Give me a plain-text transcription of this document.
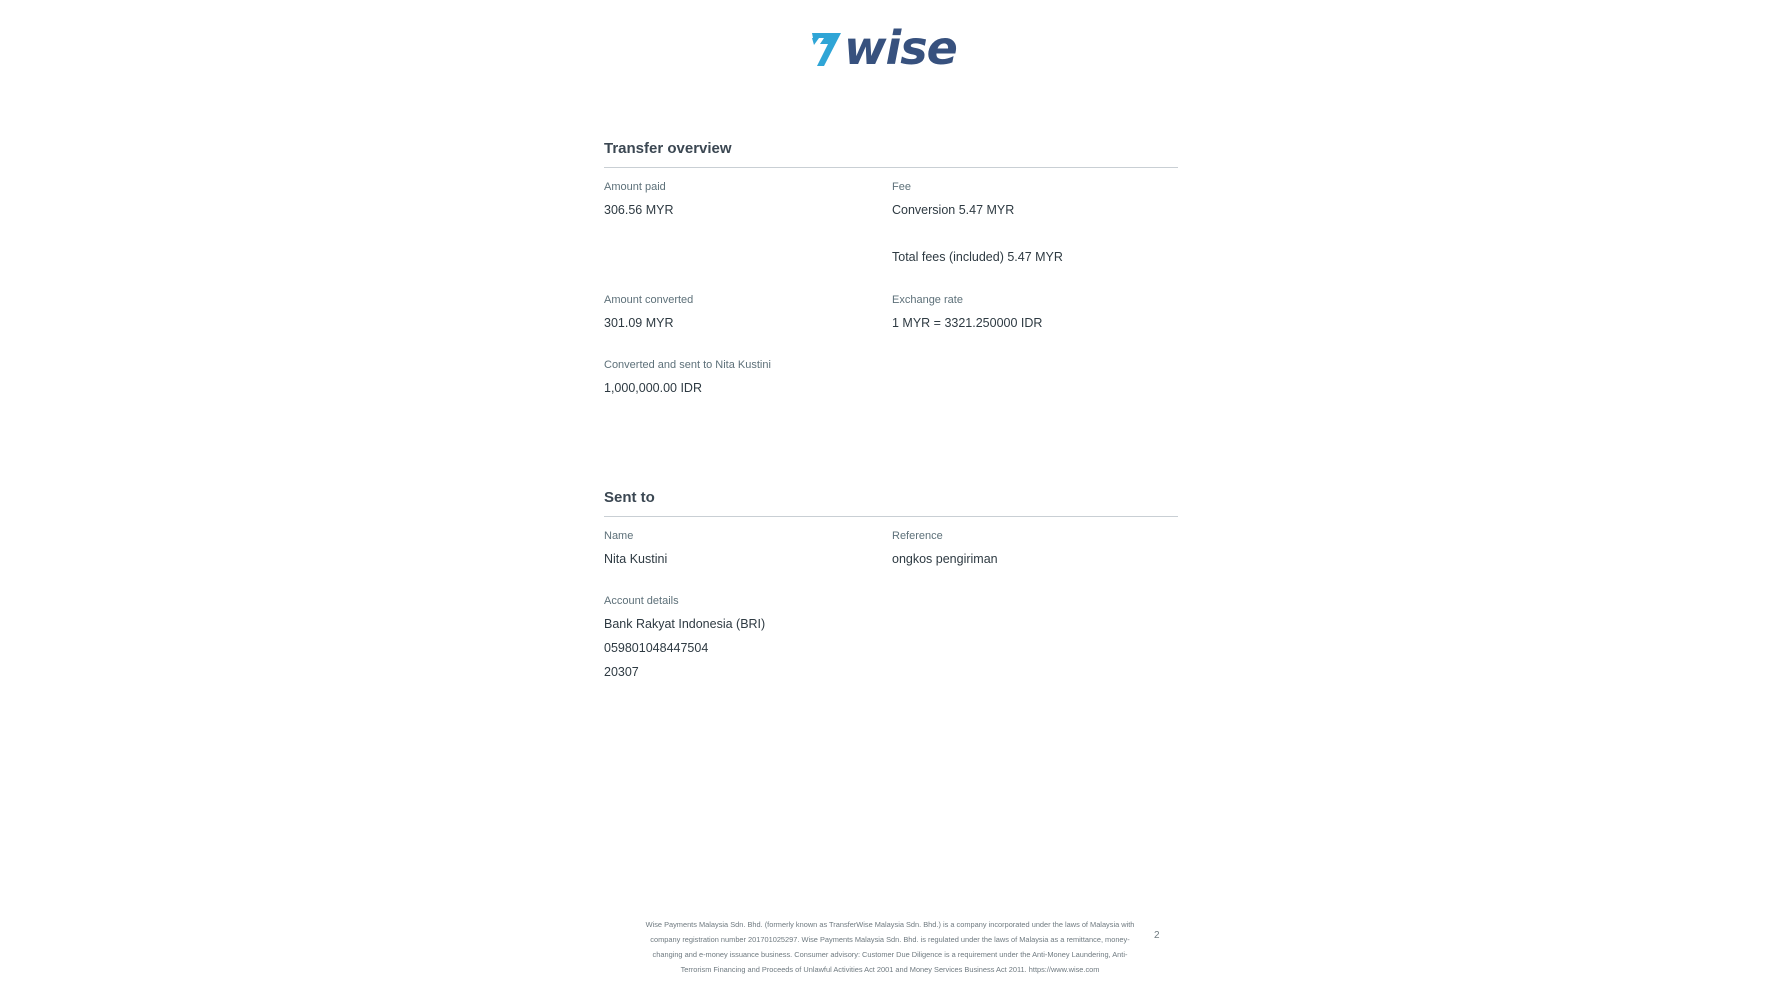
wise
Transfer overview
Amount paid
306.56 MYR
Fee
Conversion 5.47 MYR
Total fees (included) 5.47 MYR
Amount converted
301.09 MYR
Exchange rate
1 MYR = 3321.250000 IDR
Converted and sent to Nita Kustini
1,000,000.00 IDR
Sent to
Name
Nita Kustini
Reference
ongkos pengiriman
Account details
Bank Rakyat Indonesia (BRI)
059801048447504
20307
Wise Payments Malaysia Sdn. Bhd. (formerly known as TransferWise Malaysia Sdn. Bhd.) is a company incorporated under the laws of Malaysia with company registration number 201701025297. Wise Payments Malaysia Sdn. Bhd. is regulated under the laws of Malaysia as a remittance, money-changing and e-money issuance business. Consumer advisory: Customer Due Diligence is a requirement under the Anti-Money Laundering, Anti-Terrorism Financing and Proceeds of Unlawful Activities Act 2001 and Money Services Business Act 2011. https://www.wise.com
2
